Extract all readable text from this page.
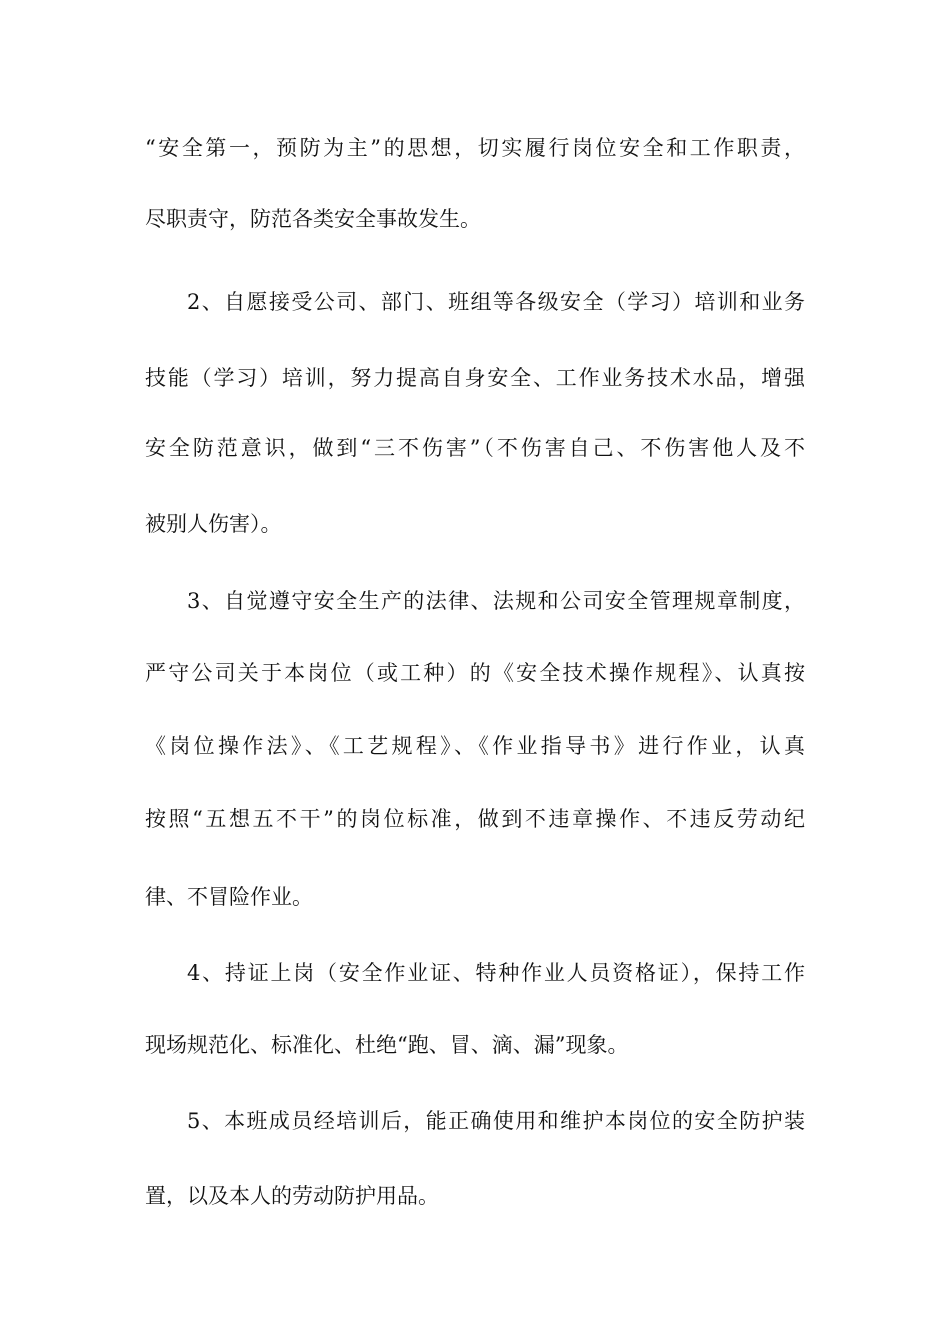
“安全第一，预防为主”的思想，切实履行岗位安全和工作职责，
尽职责守，防范各类安全事故发生。
2、自愿接受公司、部门、班组等各级安全（学习）培训和业务
技能（学习）培训，努力提高自身安全、工作业务技术水品，增强
安全防范意识，做到“三不伤害”（不伤害自己、不伤害他人及不
被别人伤害）。
3、自觉遵守安全生产的法律、法规和公司安全管理规章制度，
严守公司关于本岗位（或工种）的《安全技术操作规程》、认真按
《岗位操作法》、《工艺规程》、《作业指导书》进行作业，认真
按照“五想五不干”的岗位标准，做到不违章操作、不违反劳动纪
律、不冒险作业。
4、持证上岗（安全作业证、特种作业人员资格证），保持工作
现场规范化、标准化、杜绝“跑、冒、滴、漏”现象。
5、本班成员经培训后，能正确使用和维护本岗位的安全防护装
置，以及本人的劳动防护用品。
